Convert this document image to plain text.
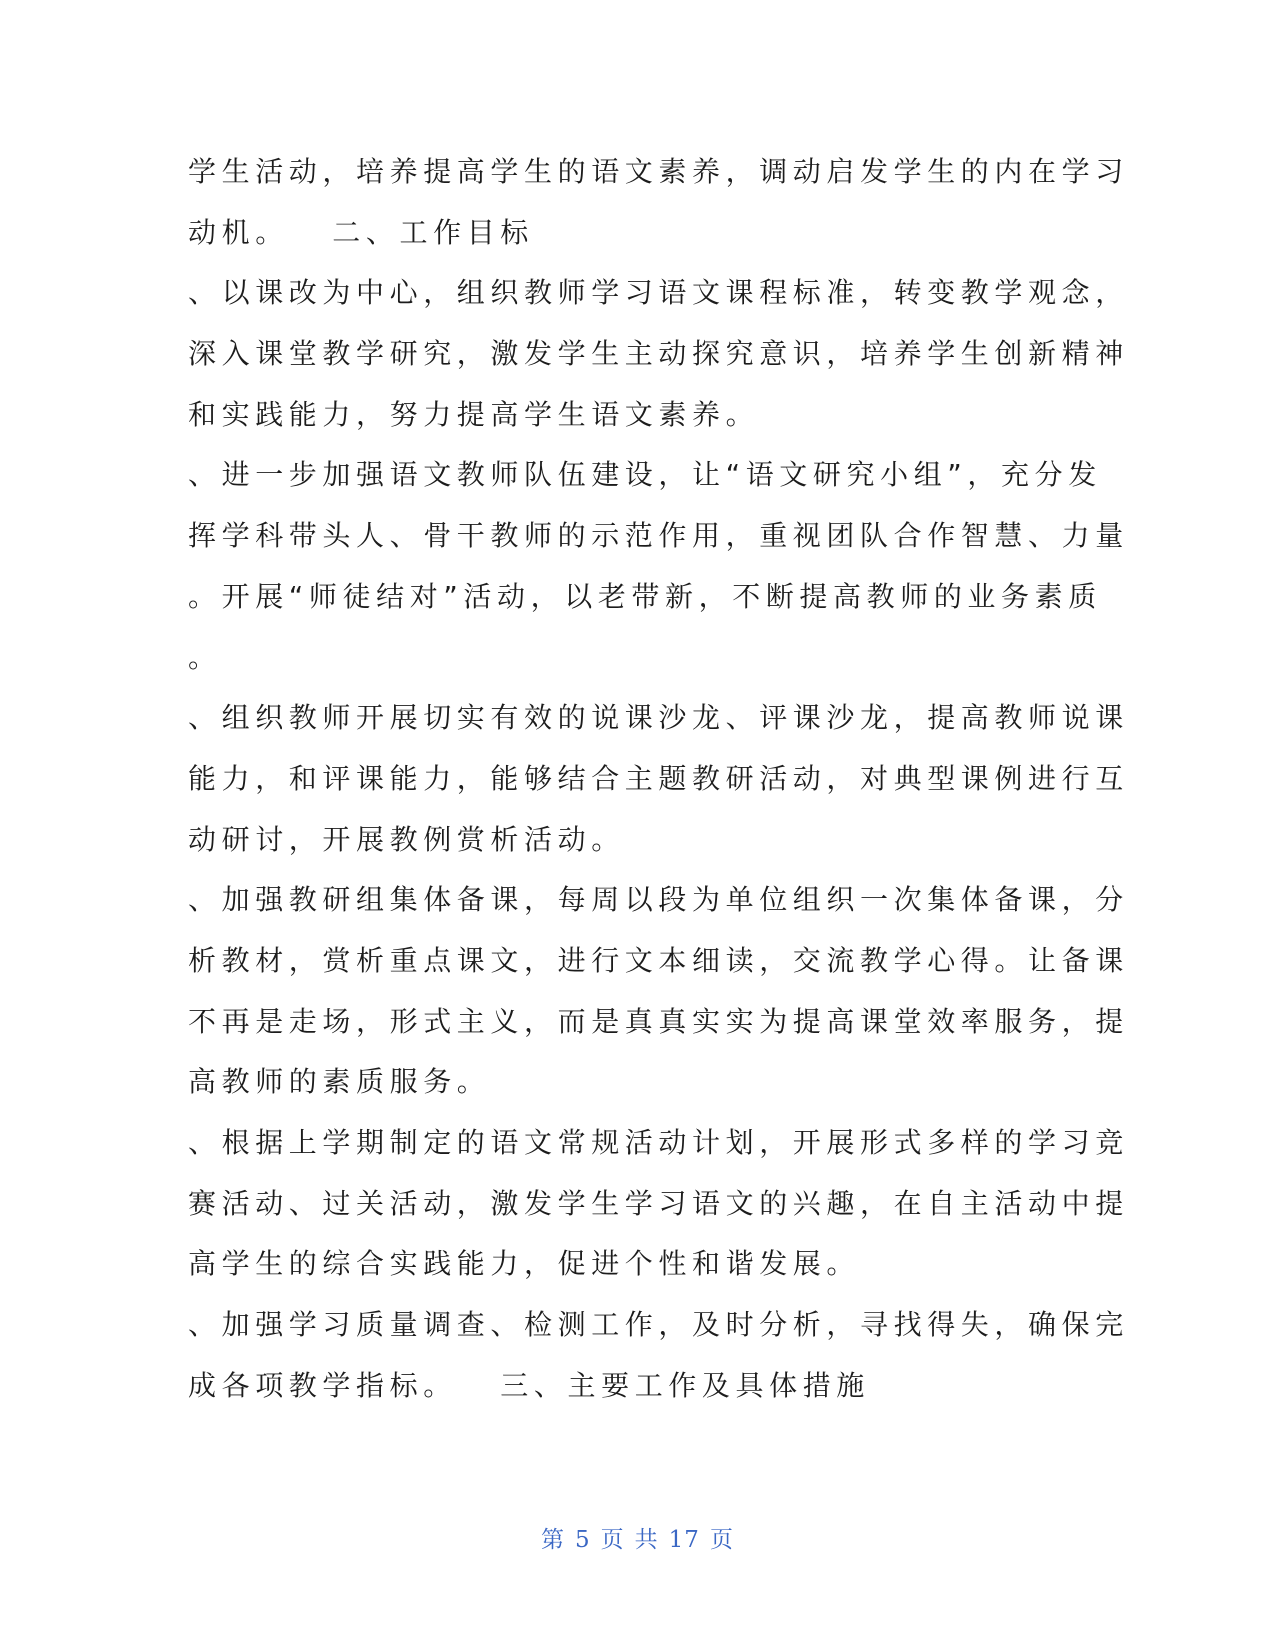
学生活动，培养提高学生的语文素养，调动启发学生的内在学习
动机。   二、工作目标
、以课改为中心，组织教师学习语文课程标准，转变教学观念，
深入课堂教学研究，激发学生主动探究意识，培养学生创新精神
和实践能力，努力提高学生语文素养。
、进一步加强语文教师队伍建设，让“语文研究小组”，充分发
挥学科带头人、骨干教师的示范作用，重视团队合作智慧、力量
。开展“师徒结对”活动，以老带新，不断提高教师的业务素质
。
、组织教师开展切实有效的说课沙龙、评课沙龙，提高教师说课
能力，和评课能力，能够结合主题教研活动，对典型课例进行互
动研讨，开展教例赏析活动。
、加强教研组集体备课，每周以段为单位组织一次集体备课，分
析教材，赏析重点课文，进行文本细读，交流教学心得。让备课
不再是走场，形式主义，而是真真实实为提高课堂效率服务，提
高教师的素质服务。
、根据上学期制定的语文常规活动计划，开展形式多样的学习竞
赛活动、过关活动，激发学生学习语文的兴趣，在自主活动中提
高学生的综合实践能力，促进个性和谐发展。
、加强学习质量调查、检测工作，及时分析，寻找得失，确保完
成各项教学指标。   三、主要工作及具体措施
第 5 页 共 17 页
